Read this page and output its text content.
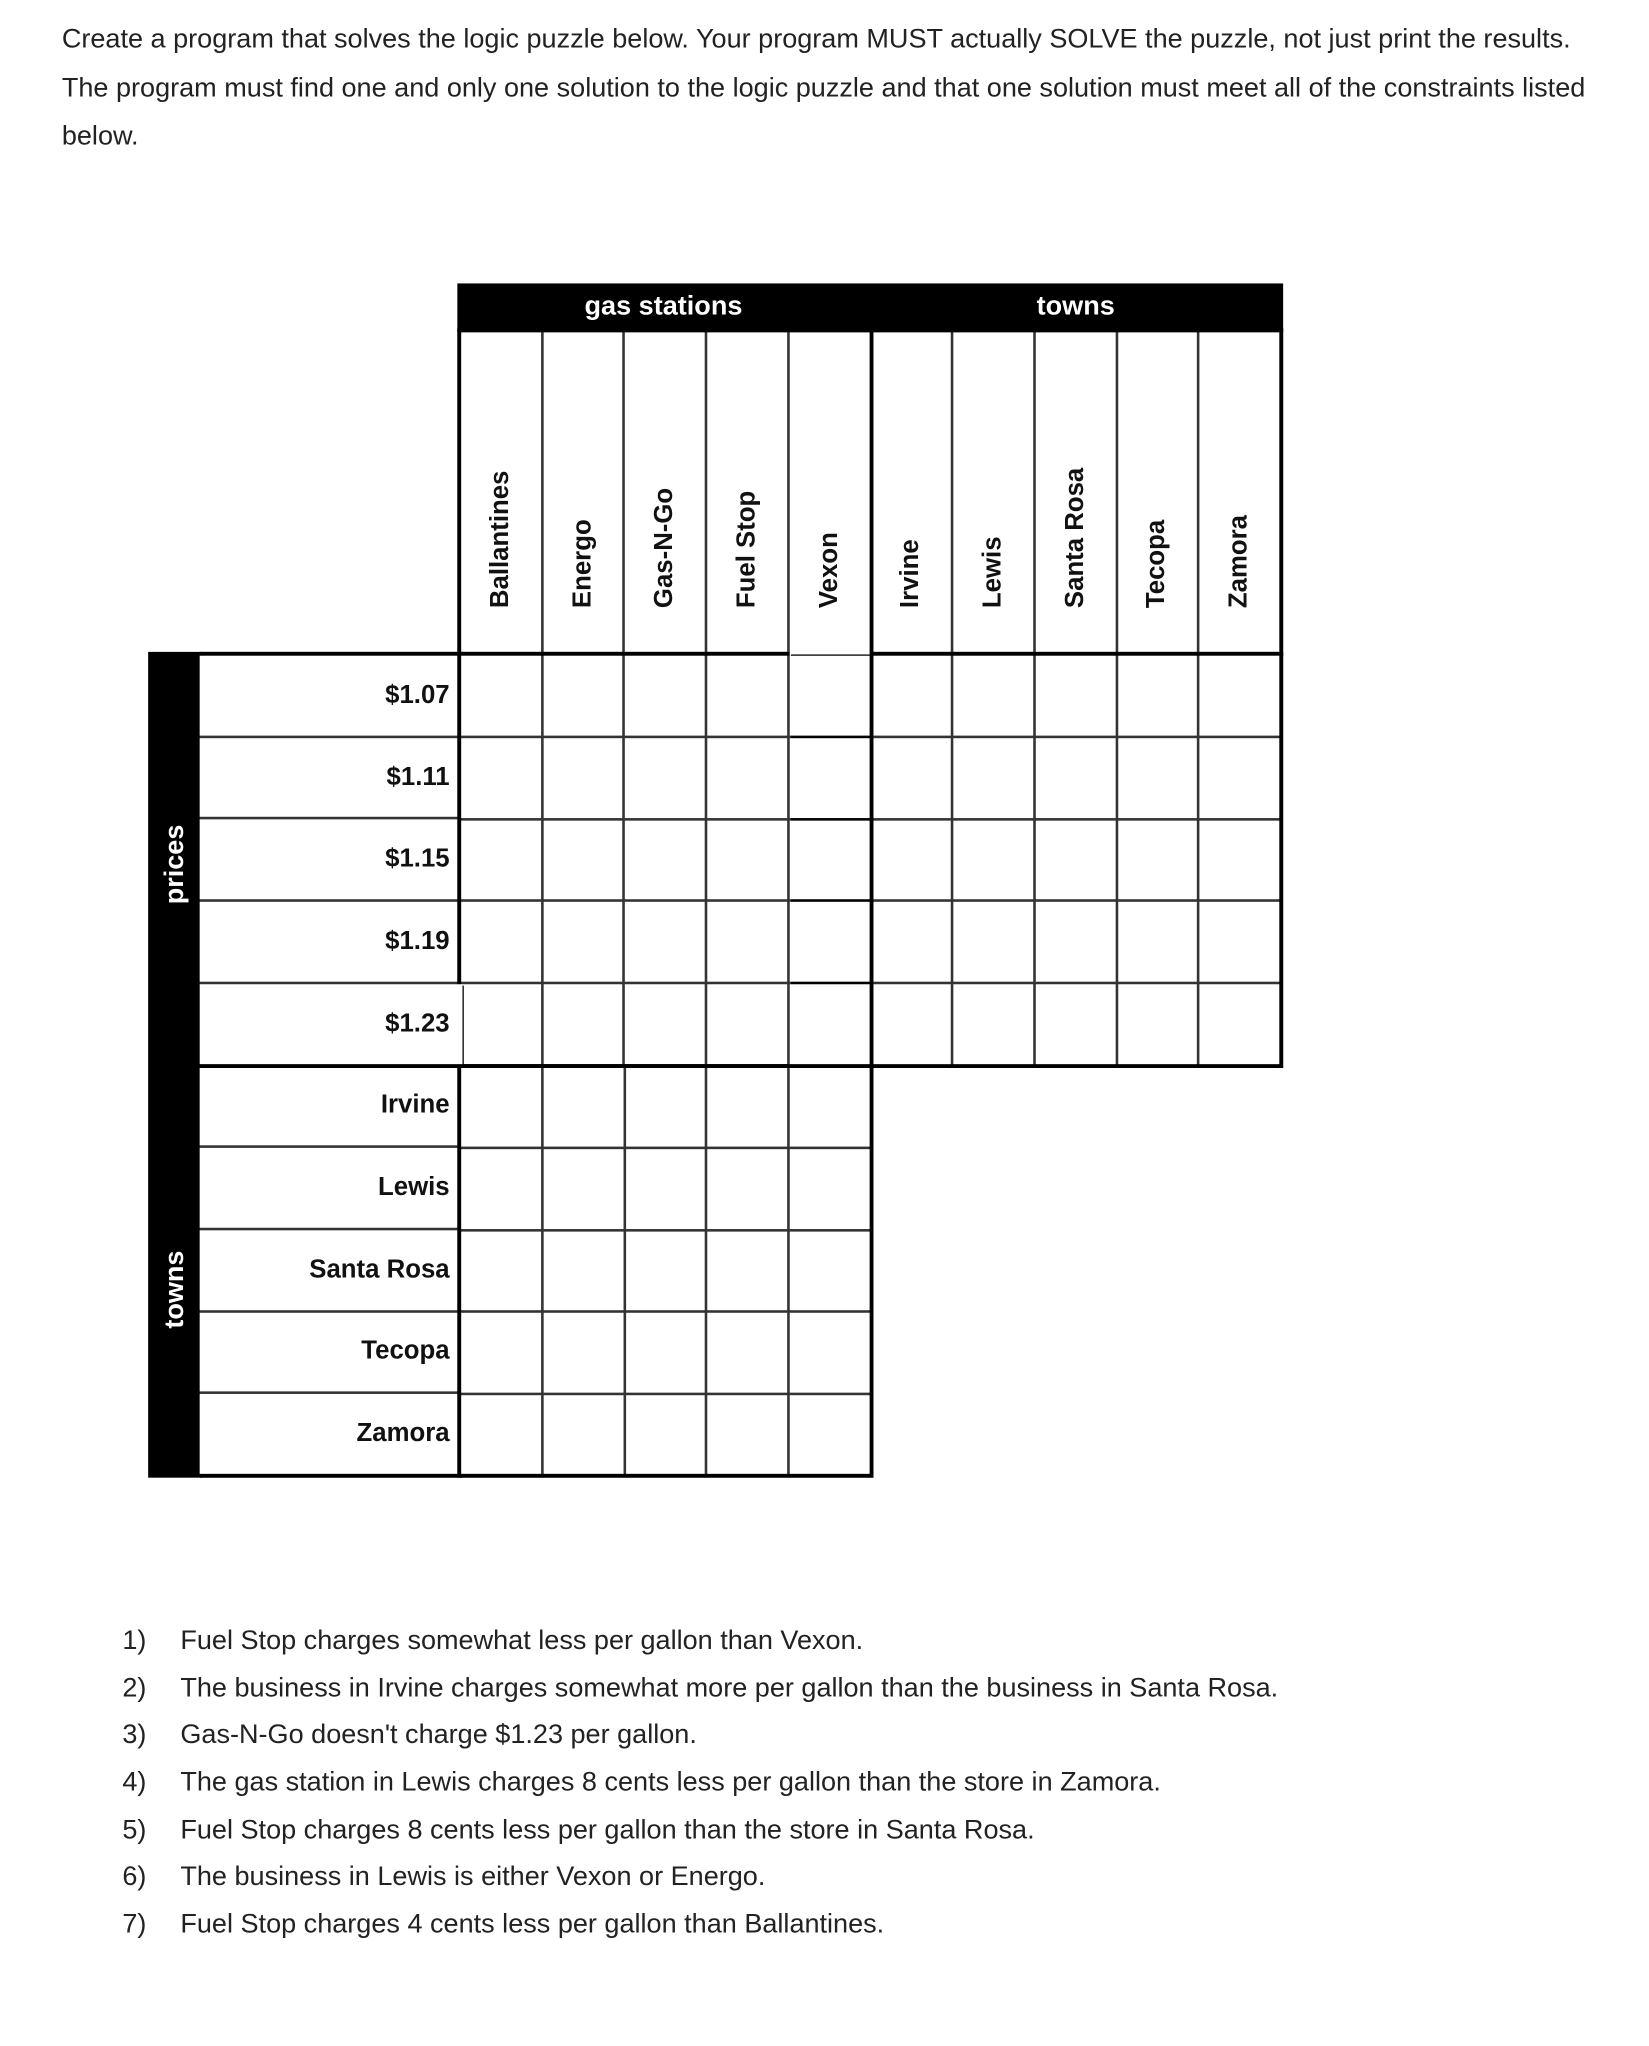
Create a program that solves the logic puzzle below. Your program MUST actually SOLVE the puzzle, not just print the results. The program must find one and only one solution to the logic puzzle and that one solution must meet all of the constraints listed below.
gas stations	towns
prices
towns
Ballantines	Energo	Gas-N-Go	Fuel Stop	Vexon	Irvine	Lewis	Santa Rosa	Tecopa	Zamora
$1.07
$1.11
$1.15
$1.19
$1.23
Irvine
Lewis
Santa Rosa
Tecopa
Zamora
1) Fuel Stop charges somewhat less per gallon than Vexon.
2) The business in Irvine charges somewhat more per gallon than the business in Santa Rosa.
3) Gas-N-Go doesn't charge $1.23 per gallon.
4) The gas station in Lewis charges 8 cents less per gallon than the store in Zamora.
5) Fuel Stop charges 8 cents less per gallon than the store in Santa Rosa.
6) The business in Lewis is either Vexon or Energo.
7) Fuel Stop charges 4 cents less per gallon than Ballantines.
